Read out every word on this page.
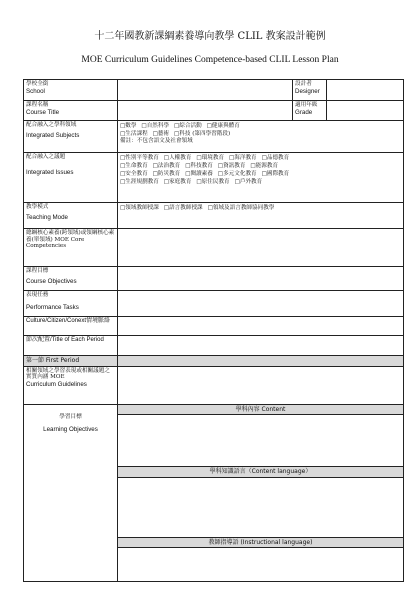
十二年國教新課綱素養導向教學 CLIL 教案設計範例
MOE Curriculum Guidelines Competence-based CLIL Lesson Plan
學校全銜
School		設計者
Designer	

課程名稱
Course Title		適用年級
Grade	

配合融入之學科領域
Integrated Subjects	□數學 □自然科學 □綜合活動 □健康與體育
□生活課程 □藝術 □科技 (第四學習階段)
備註：不包含語文及社會領域		

配合融入之議題
Integrated Issues	□性別平等教育 □人權教育 □環境教育 □海洋教育 □品德教育
□生命教育 □法治教育 □科技教育 □資訊教育 □能源教育
□安全教育 □防災教育 □閱讀素養 □多元文化教育 □國際教育
□生涯規劃教育 □家庭教育 □原住民教育 □戶外教育		

教學模式
Teaching Mode	□領域教師授課 □語言教師授課 □領域及語言教師協同教學		

總綱核心素養(跨領域)或領綱核心素養(單領域) MOE Core Competencies			

課程目標
Course Objectives			

表現任務
Performance Tasks			

Culture/Citizen/Conext情境脈絡			

節次配置/Title of Each Period			

第一節 First Period			

相關領域之學習表現或相關議題之實質內涵 MOE
Curriculum Guidelines			

學習目標
Learning Objectives	學科內容 Content		

	學科知識語言（Content language）		

	教師指導語 (Instructional language)		
